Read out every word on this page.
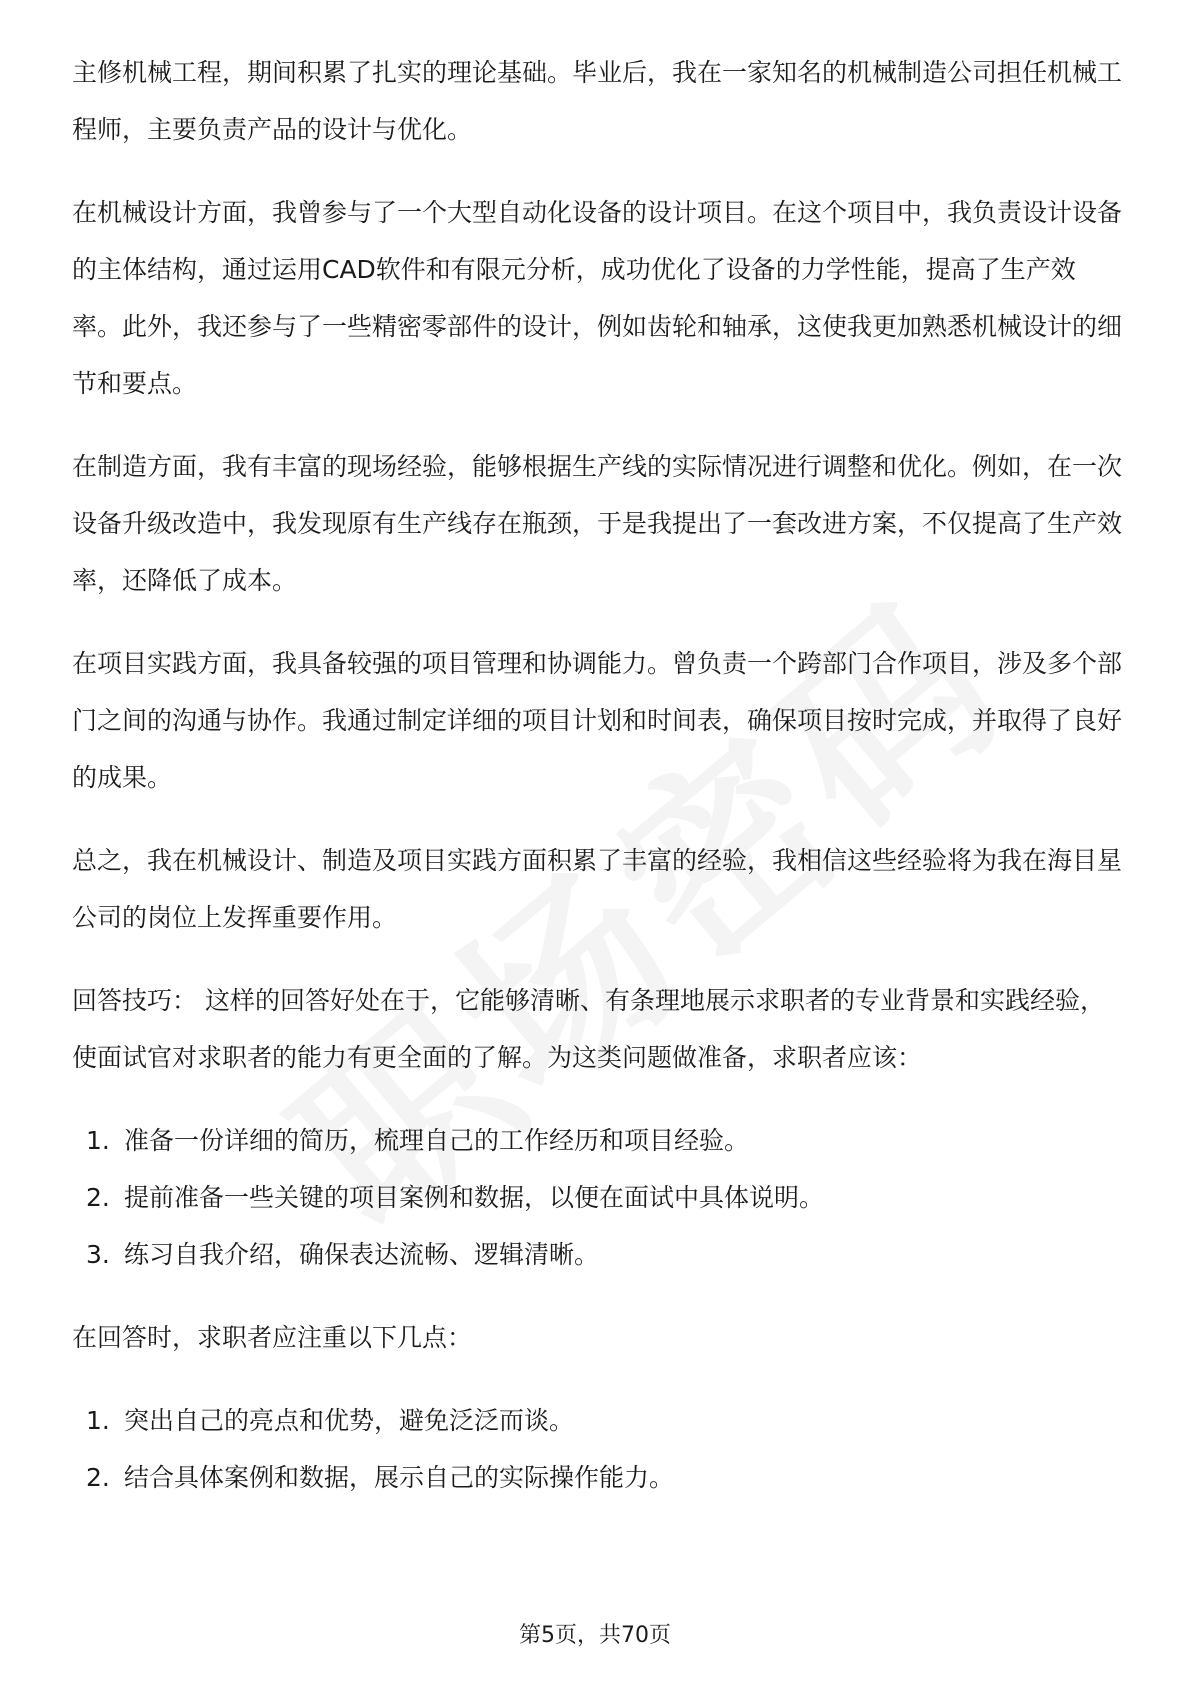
主修机械工程，期间积累了扎实的理论基础。毕业后，我在一家知名的机械制造公司担任机械工程师，主要负责产品的设计与优化。

在机械设计方面，我曾参与了一个大型自动化设备的设计项目。在这个项目中，我负责设计设备的主体结构，通过运用CAD软件和有限元分析，成功优化了设备的力学性能，提高了生产效率。此外，我还参与了一些精密零部件的设计，例如齿轮和轴承，这使我更加熟悉机械设计的细节和要点。

在制造方面，我有丰富的现场经验，能够根据生产线的实际情况进行调整和优化。例如，在一次设备升级改造中，我发现原有生产线存在瓶颈，于是我提出了一套改进方案，不仅提高了生产效率，还降低了成本。

在项目实践方面，我具备较强的项目管理和协调能力。曾负责一个跨部门合作项目，涉及多个部门之间的沟通与协作。我通过制定详细的项目计划和时间表，确保项目按时完成，并取得了良好的成果。

总之，我在机械设计、制造及项目实践方面积累了丰富的经验，我相信这些经验将为我在海目星公司的岗位上发挥重要作用。

回答技巧： 这样的回答好处在于，它能够清晰、有条理地展示求职者的专业背景和实践经验，使面试官对求职者的能力有更全面的了解。为这类问题做准备，求职者应该：

1. 准备一份详细的简历，梳理自己的工作经历和项目经验。
2. 提前准备一些关键的项目案例和数据，以便在面试中具体说明。
3. 练习自我介绍，确保表达流畅、逻辑清晰。

在回答时，求职者应注重以下几点：

1. 突出自己的亮点和优势，避免泛泛而谈。
2. 结合具体案例和数据，展示自己的实际操作能力。
第5页，共70页
